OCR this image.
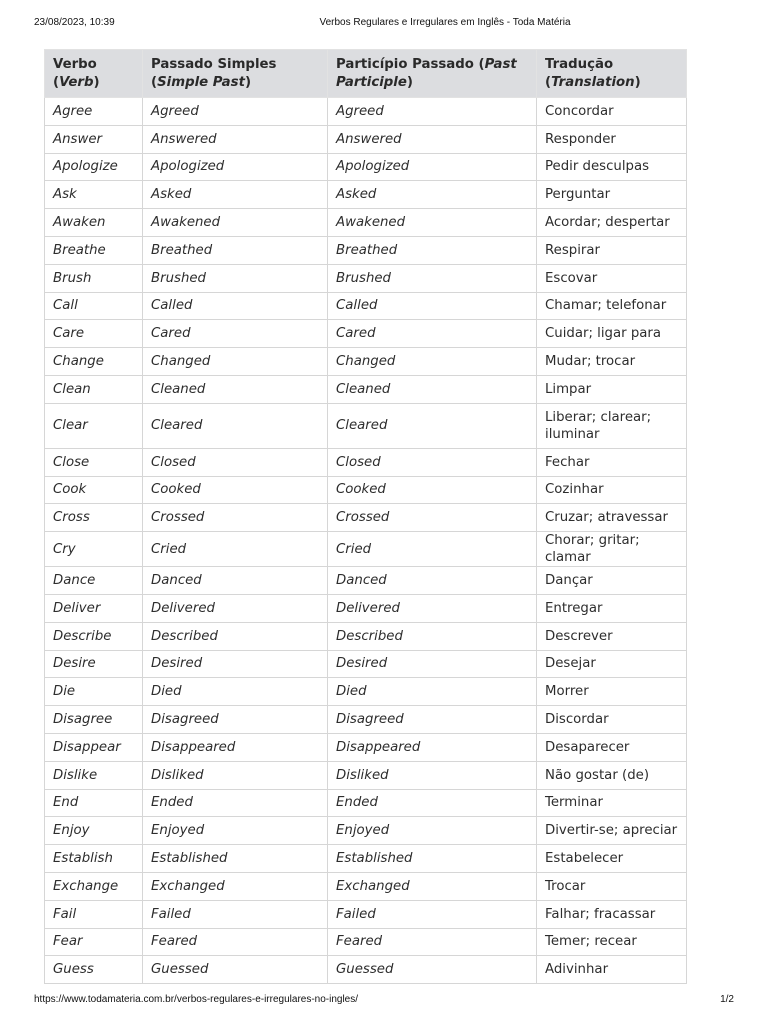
23/08/2023, 10:39	Verbos Regulares e Irregulares em Inglês - Toda Matéria
Verbo (Verb)	Passado Simples (Simple Past)	Particípio Passado (Past Participle)	Tradução (Translation)
Agree	Agreed	Agreed	Concordar
Answer	Answered	Answered	Responder
Apologize	Apologized	Apologized	Pedir desculpas
Ask	Asked	Asked	Perguntar
Awaken	Awakened	Awakened	Acordar; despertar
Breathe	Breathed	Breathed	Respirar
Brush	Brushed	Brushed	Escovar
Call	Called	Called	Chamar; telefonar
Care	Cared	Cared	Cuidar; ligar para
Change	Changed	Changed	Mudar; trocar
Clean	Cleaned	Cleaned	Limpar
Clear	Cleared	Cleared	Liberar; clarear; iluminar
Close	Closed	Closed	Fechar
Cook	Cooked	Cooked	Cozinhar
Cross	Crossed	Crossed	Cruzar; atravessar
Cry	Cried	Cried	Chorar; gritar; clamar
Dance	Danced	Danced	Dançar
Deliver	Delivered	Delivered	Entregar
Describe	Described	Described	Descrever
Desire	Desired	Desired	Desejar
Die	Died	Died	Morrer
Disagree	Disagreed	Disagreed	Discordar
Disappear	Disappeared	Disappeared	Desaparecer
Dislike	Disliked	Disliked	Não gostar (de)
End	Ended	Ended	Terminar
Enjoy	Enjoyed	Enjoyed	Divertir-se; apreciar
Establish	Established	Established	Estabelecer
Exchange	Exchanged	Exchanged	Trocar
Fail	Failed	Failed	Falhar; fracassar
Fear	Feared	Feared	Temer; recear
Guess	Guessed	Guessed	Adivinhar
https://www.todamateria.com.br/verbos-regulares-e-irregulares-no-ingles/	1/2
